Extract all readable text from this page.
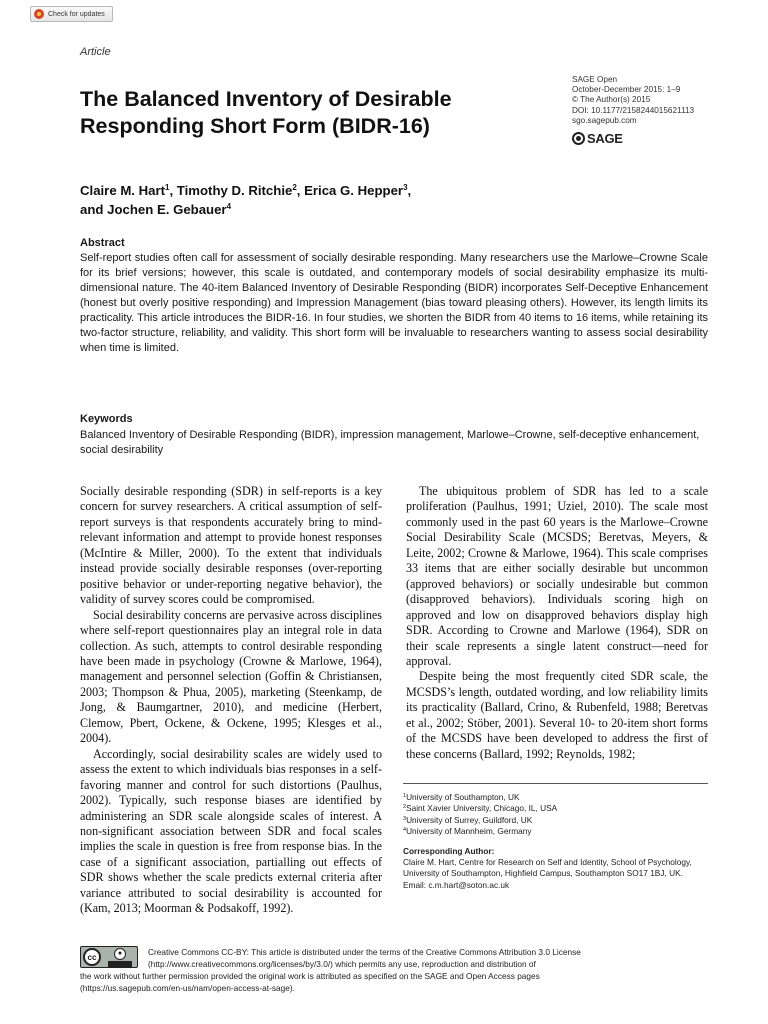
Check for updates
Article
SAGE Open
October-December 2015: 1–9
© The Author(s) 2015
DOI: 10.1177/2158244015621113
sgo.sagepub.com
SAGE
The Balanced Inventory of Desirable Responding Short Form (BIDR-16)
Claire M. Hart$^1$, Timothy D. Ritchie$^2$, Erica G. Hepper$^3$,
and Jochen E. Gebauer$^4$
Abstract

Self-report studies often call for assessment of socially desirable responding. Many researchers use the Marlowe–Crowne Scale for its brief versions; however, this scale is outdated, and contemporary models of social desirability emphasize its multi-dimensional nature. The 40-item Balanced Inventory of Desirable Responding (BIDR) incorporates Self-Deceptive Enhancement (honest but overly positive responding) and Impression Management (bias toward pleasing others). However, its length limits its practicality. This article introduces the BIDR-16. In four studies, we shorten the BIDR from 40 items to 16 items, while retaining its two-factor structure, reliability, and validity. This short form will be invaluable to researchers wanting to assess social desirability when time is limited.

Keywords

Balanced Inventory of Desirable Responding (BIDR), impression management, Marlowe–Crowne, self-deceptive enhancement, social desirability

Socially desirable responding (SDR) in self-reports is a key concern for survey researchers. A critical assumption of self-report surveys is that respondents accurately bring to mind-relevant information and attempt to provide honest responses (McIntire & Miller, 2000). To the extent that individuals instead provide socially desirable responses (over-reporting positive behavior or under-reporting negative behavior), the validity of survey scores could be compromised.

Social desirability concerns are pervasive across disciplines where self-report questionnaires play an integral role in data collection. As such, attempts to control desirable responding have been made in psychology (Crowne & Marlowe, 1964), management and personnel selection (Goffin & Christiansen, 2003; Thompson & Phua, 2005), marketing (Steenkamp, de Jong, & Baumgartner, 2010), and medicine (Herbert, Clemow, Pbert, Ockene, & Ockene, 1995; Klesges et al., 2004).

Accordingly, social desirability scales are widely used to assess the extent to which individuals bias responses in a self-favoring manner and control for such distortions (Paulhus, 2002). Typically, such response biases are identified by administering an SDR scale alongside scales of interest. A non-significant association between SDR and focal scales implies the scale in question is free from response bias. In the case of a significant association, partialling out effects of SDR shows whether the scale predicts external criteria after variance attributed to social desirability is accounted for (Kam, 2013; Moorman & Podsakoff, 1992).

The ubiquitous problem of SDR has led to a scale proliferation (Paulhus, 1991; Uziel, 2010). The scale most commonly used in the past 60 years is the Marlowe–Crowne Social Desirability Scale (MCSDS; Beretvas, Meyers, & Leite, 2002; Crowne & Marlowe, 1964). This scale comprises 33 items that are either socially desirable but uncommon (approved behaviors) or socially undesirable but common (disapproved behaviors). Individuals scoring high on approved and low on disapproved behaviors display high SDR. According to Crowne and Marlowe (1964), SDR on their scale represents a single latent construct—need for approval.

Despite being the most frequently cited SDR scale, the MCSDS’s length, outdated wording, and low reliability limits its practicality (Ballard, Crino, & Rubenfeld, 1988; Beretvas et al., 2002; Stöber, 2001). Several 10- to 20-item short forms of the MCSDS have been developed to address the first of these concerns (Ballard, 1992; Reynolds, 1982;

$^1$University of Southampton, UK
$^2$Saint Xavier University, Chicago, IL, USA
$^3$University of Surrey, Guildford, UK
$^4$University of Mannheim, Germany
Corresponding Author:
Claire M. Hart, Centre for Research on Self and Identity, School of Psychology, University of Southampton, Highfield Campus, Southampton SO17 1BJ, UK.
Email: c.m.hart@soton.ac.uk
cc	●	Creative Commons CC-BY: This article is distributed under the terms of the Creative Commons Attribution 3.0 License
(http://www.creativecommons.org/licenses/by/3.0/) which permits any use, reproduction and distribution of
the work without further permission provided the original work is attributed as specified on the SAGE and Open Access pages
(https://us.sagepub.com/en-us/nam/open-access-at-sage).
